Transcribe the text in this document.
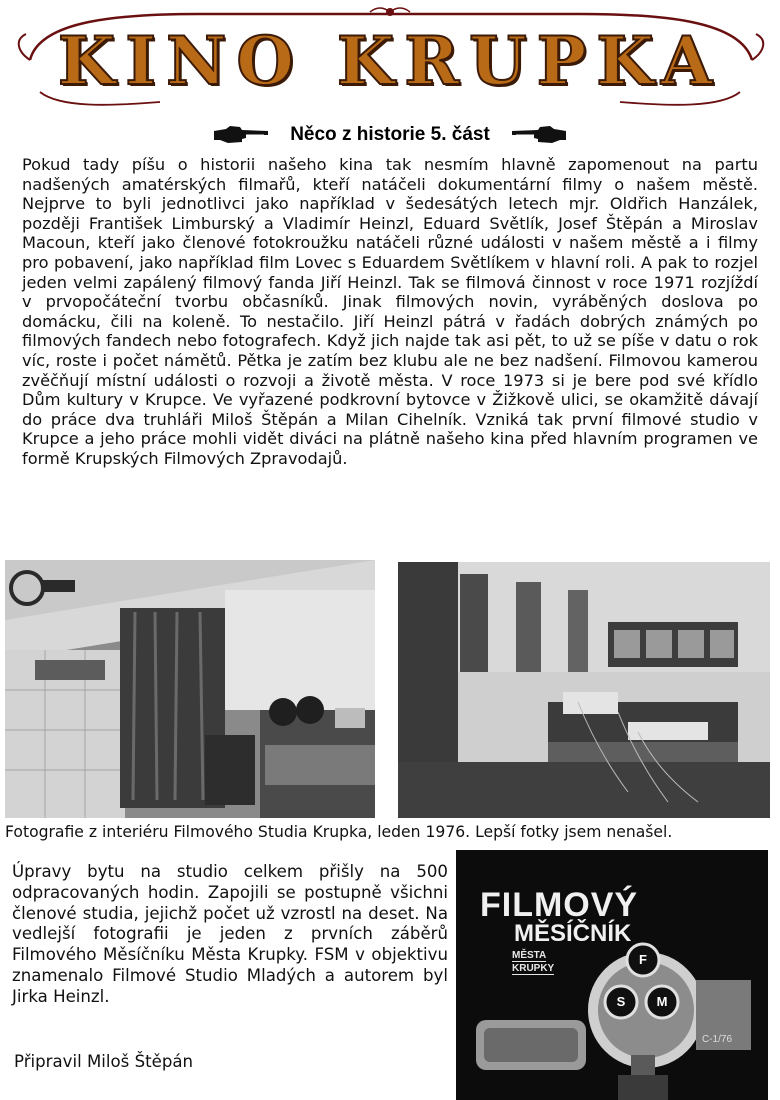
KINO KRUPKA
Něco z historie 5. část

Pokud tady píšu o historii našeho kina tak nesmím hlavně zapomenout na partu nadšených amatérských filmařů, kteří natáčeli dokumentární filmy o našem městě. Nejprve to byli jednotlivci jako například v šedesátých letech mjr. Oldřich Hanzálek, později František Limburský a Vladimír Heinzl, Eduard Světlík, Josef Štěpán a Miroslav Macoun, kteří jako členové fotokroužku natáčeli různé události v našem městě a i filmy pro pobavení, jako například film Lovec s Eduardem Světlíkem v hlavní roli. A pak to rozjel jeden velmi zapálený filmový fanda Jiří Heinzl. Tak se filmová činnost v roce 1971 rozjíždí v prvopočáteční tvorbu občasníků. Jinak filmových novin, vyráběných doslova po domácku, čili na koleně. To nestačilo. Jiří Heinzl pátrá v řadách dobrých známých po filmových fandech nebo fotografech. Když jich najde tak asi pět, to už se píše v datu o rok víc, roste i počet námětů. Pětka je zatím bez klubu ale ne bez nadšení. Filmovou kamerou zvěčňují místní události o rozvoji a životě města. V roce 1973 si je bere pod své křídlo Dům kultury v Krupce. Ve vyřazené podkrovní bytovce v Žižkově ulici, se okamžitě dávají do práce dva truhláři Miloš Štěpán a Milan Cihelník. Vzniká tak první filmové studio v Krupce a jeho práce mohli vidět diváci na plátně našeho kina před hlavním programen ve formě Krupských Filmových Zpravodajů.

Fotografie z interiéru Filmového Studia Krupka, leden 1976. Lepší fotky jsem nenašel.

Úpravy bytu na studio celkem přišly na 500 odpracovaných hodin. Zapojili se postupně všichni členové studia, jejichž počet už vzrostl na deset. Na vedlejší fotografii je jeden z prvních záběrů Filmového Měsíčníku Města Krupky. FSM v objektivu znamenalo Filmové Studio Mladých a autorem byl Jirka Heinzl.

Připravil Miloš Štěpán
FILMOVÝ
MĚSÍČNÍK
MĚSTA
KRUPKY
F
S	M
C-1/76
